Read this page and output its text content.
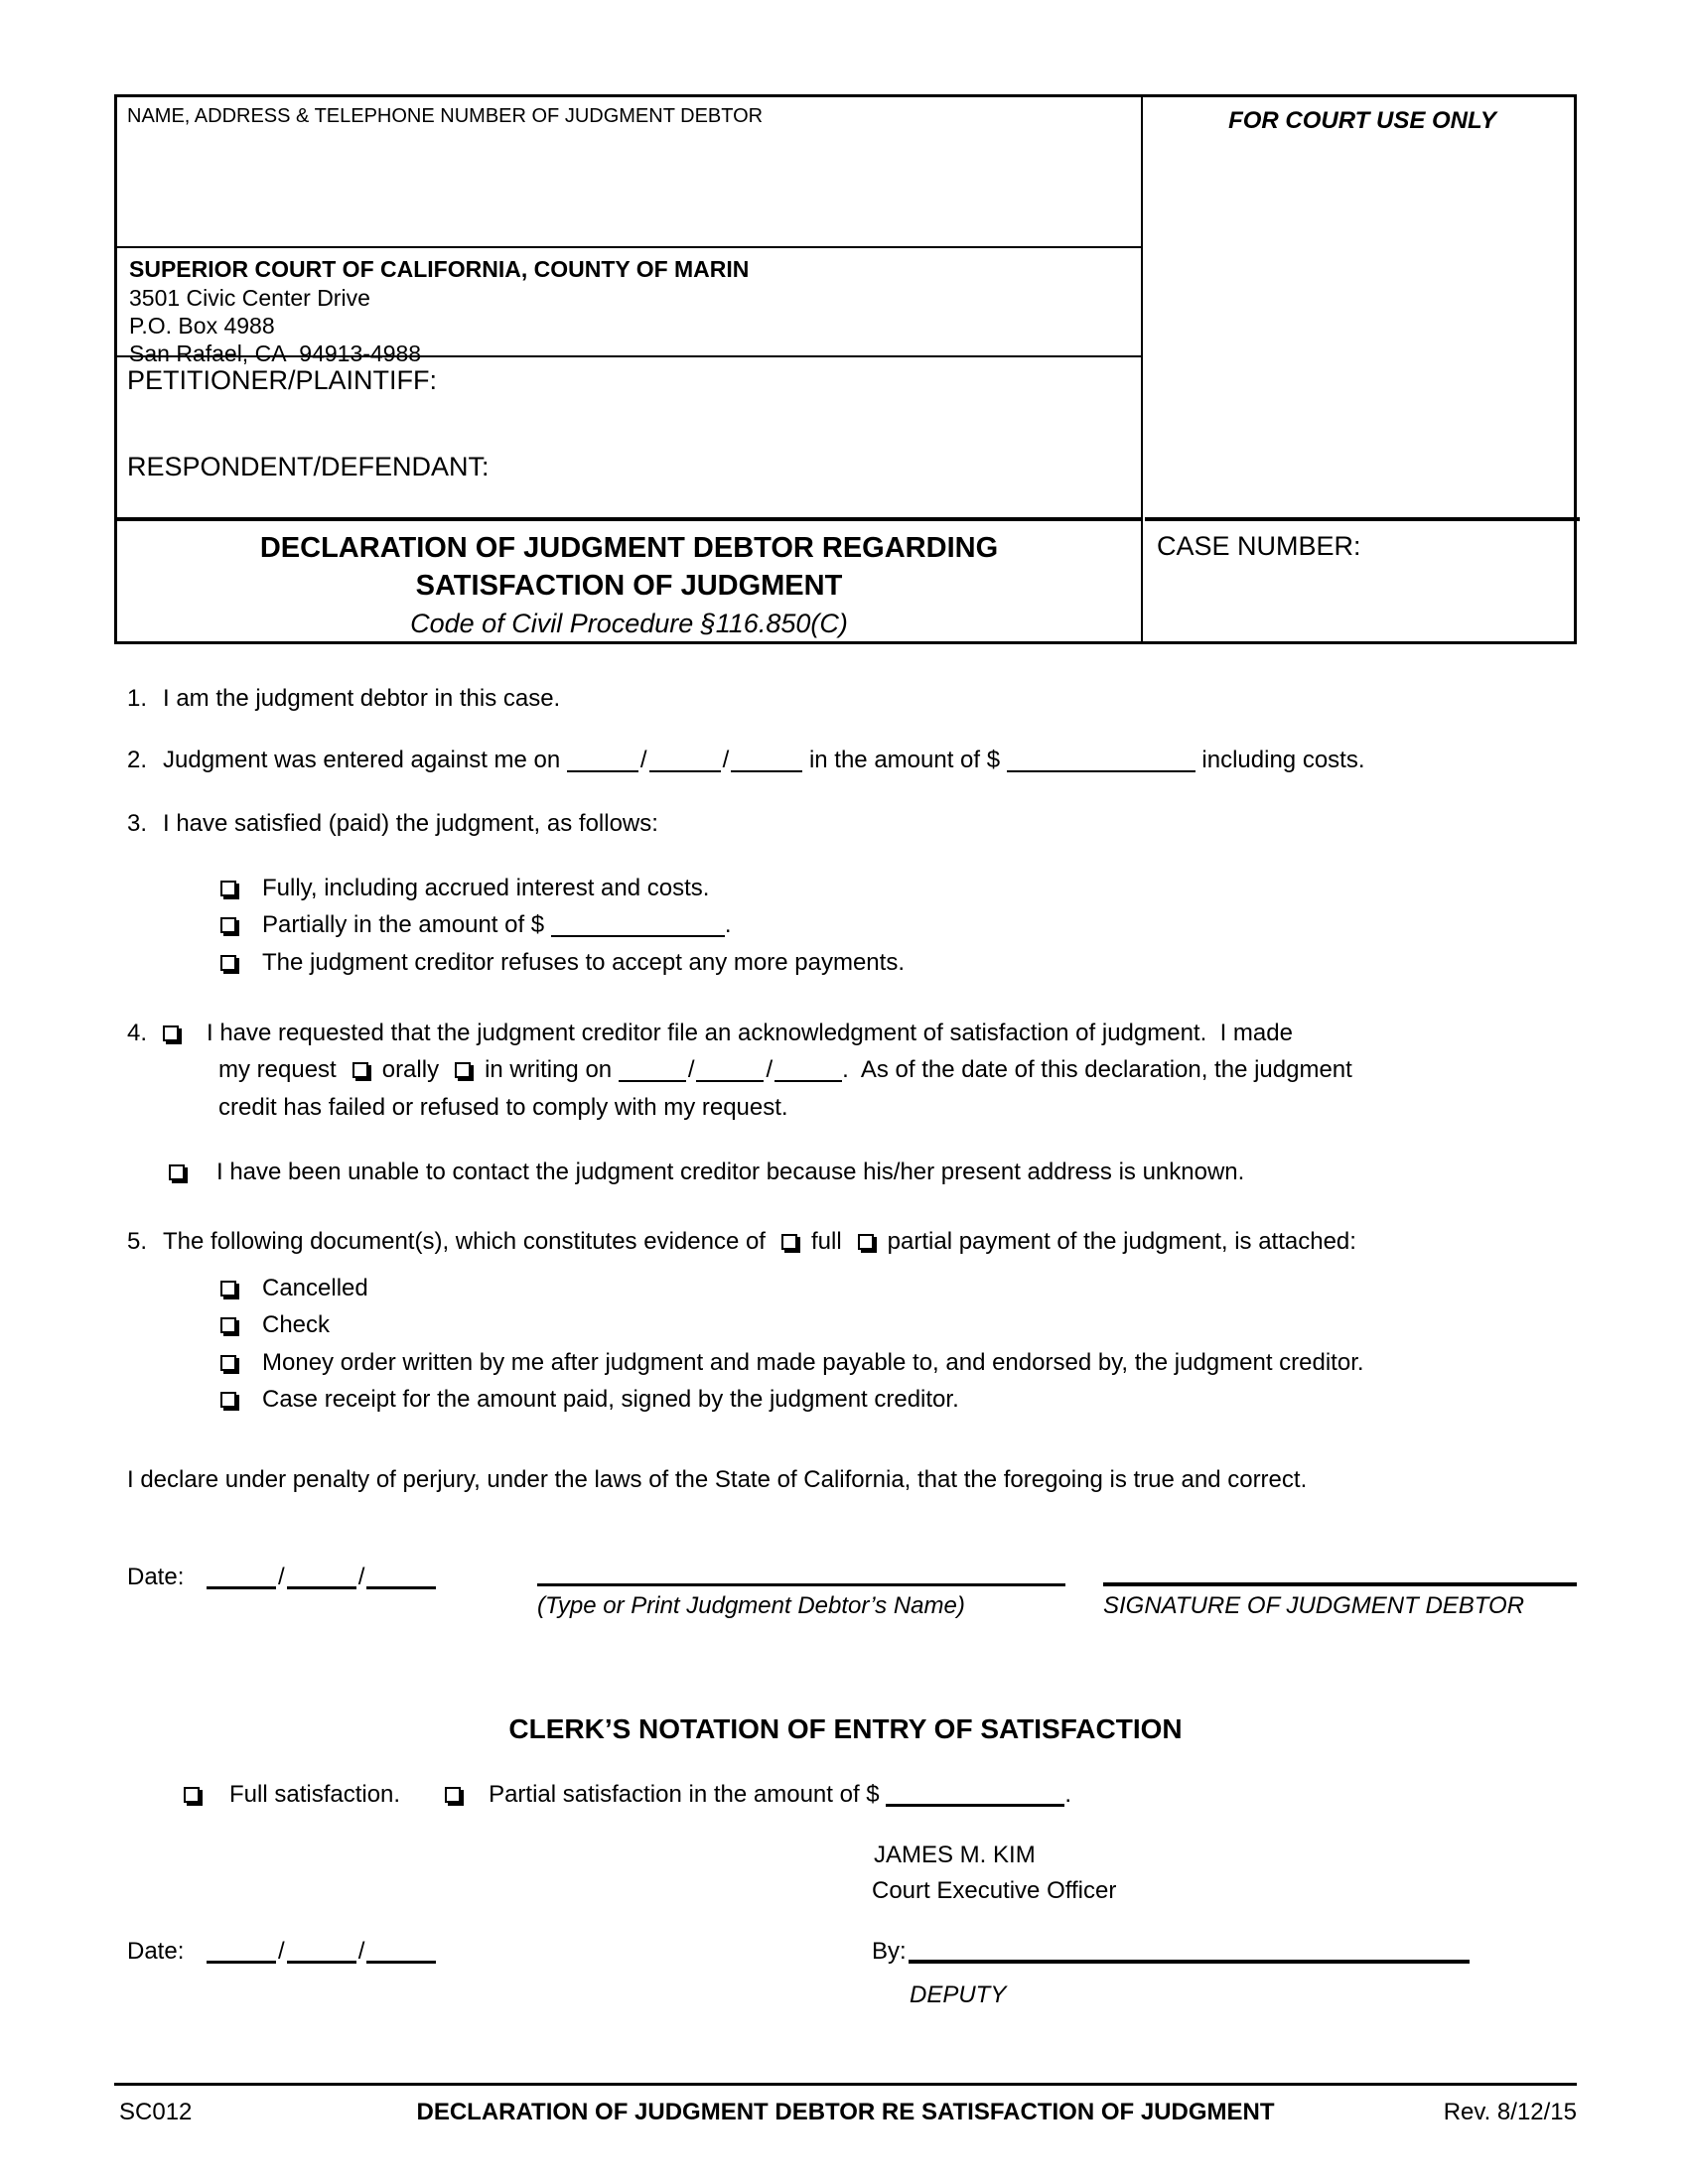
NAME, ADDRESS & TELEPHONE NUMBER OF JUDGMENT DEBTOR
SUPERIOR COURT OF CALIFORNIA, COUNTY OF MARIN
3501 Civic Center Drive
P.O. Box 4988
San Rafael, CA  94913-4988
PETITIONER/PLAINTIFF:
RESPONDENT/DEFENDANT:
DECLARATION OF JUDGMENT DEBTOR REGARDING
SATISFACTION OF JUDGMENT
Code of Civil Procedure §116.850(C)
FOR COURT USE ONLY
CASE NUMBER:
1. I am the judgment debtor in this case.
2. Judgment was entered against me on	/	/	in the amount of $	including costs.
3. I have satisfied (paid) the judgment, as follows:
Fully, including accrued interest and costs.
Partially in the amount of $	.
The judgment creditor refuses to accept any more payments.
4. I have requested that the judgment creditor file an acknowledgment of satisfaction of judgment.  I made
my request orally in writing on	/	/	.  As of the date of this declaration, the judgment
credit has failed or refused to comply with my request.
I have been unable to contact the judgment creditor because his/her present address is unknown.
5. The following document(s), which constitutes evidence of full partial payment of the judgment, is attached:
Cancelled
Check
Money order written by me after judgment and made payable to, and endorsed by, the judgment creditor.
Case receipt for the amount paid, signed by the judgment creditor.
I declare under penalty of perjury, under the laws of the State of California, that the foregoing is true and correct.
Date:	/	/
(Type or Print Judgment Debtor’s Name)	SIGNATURE OF JUDGMENT DEBTOR
CLERK’S NOTATION OF ENTRY OF SATISFACTION
Full satisfaction.	Partial satisfaction in the amount of $	.
JAMES M. KIM
Court Executive Officer
Date:	/	/	By:
DEPUTY
SC012	DECLARATION OF JUDGMENT DEBTOR RE SATISFACTION OF JUDGMENT	Rev. 8/12/15
